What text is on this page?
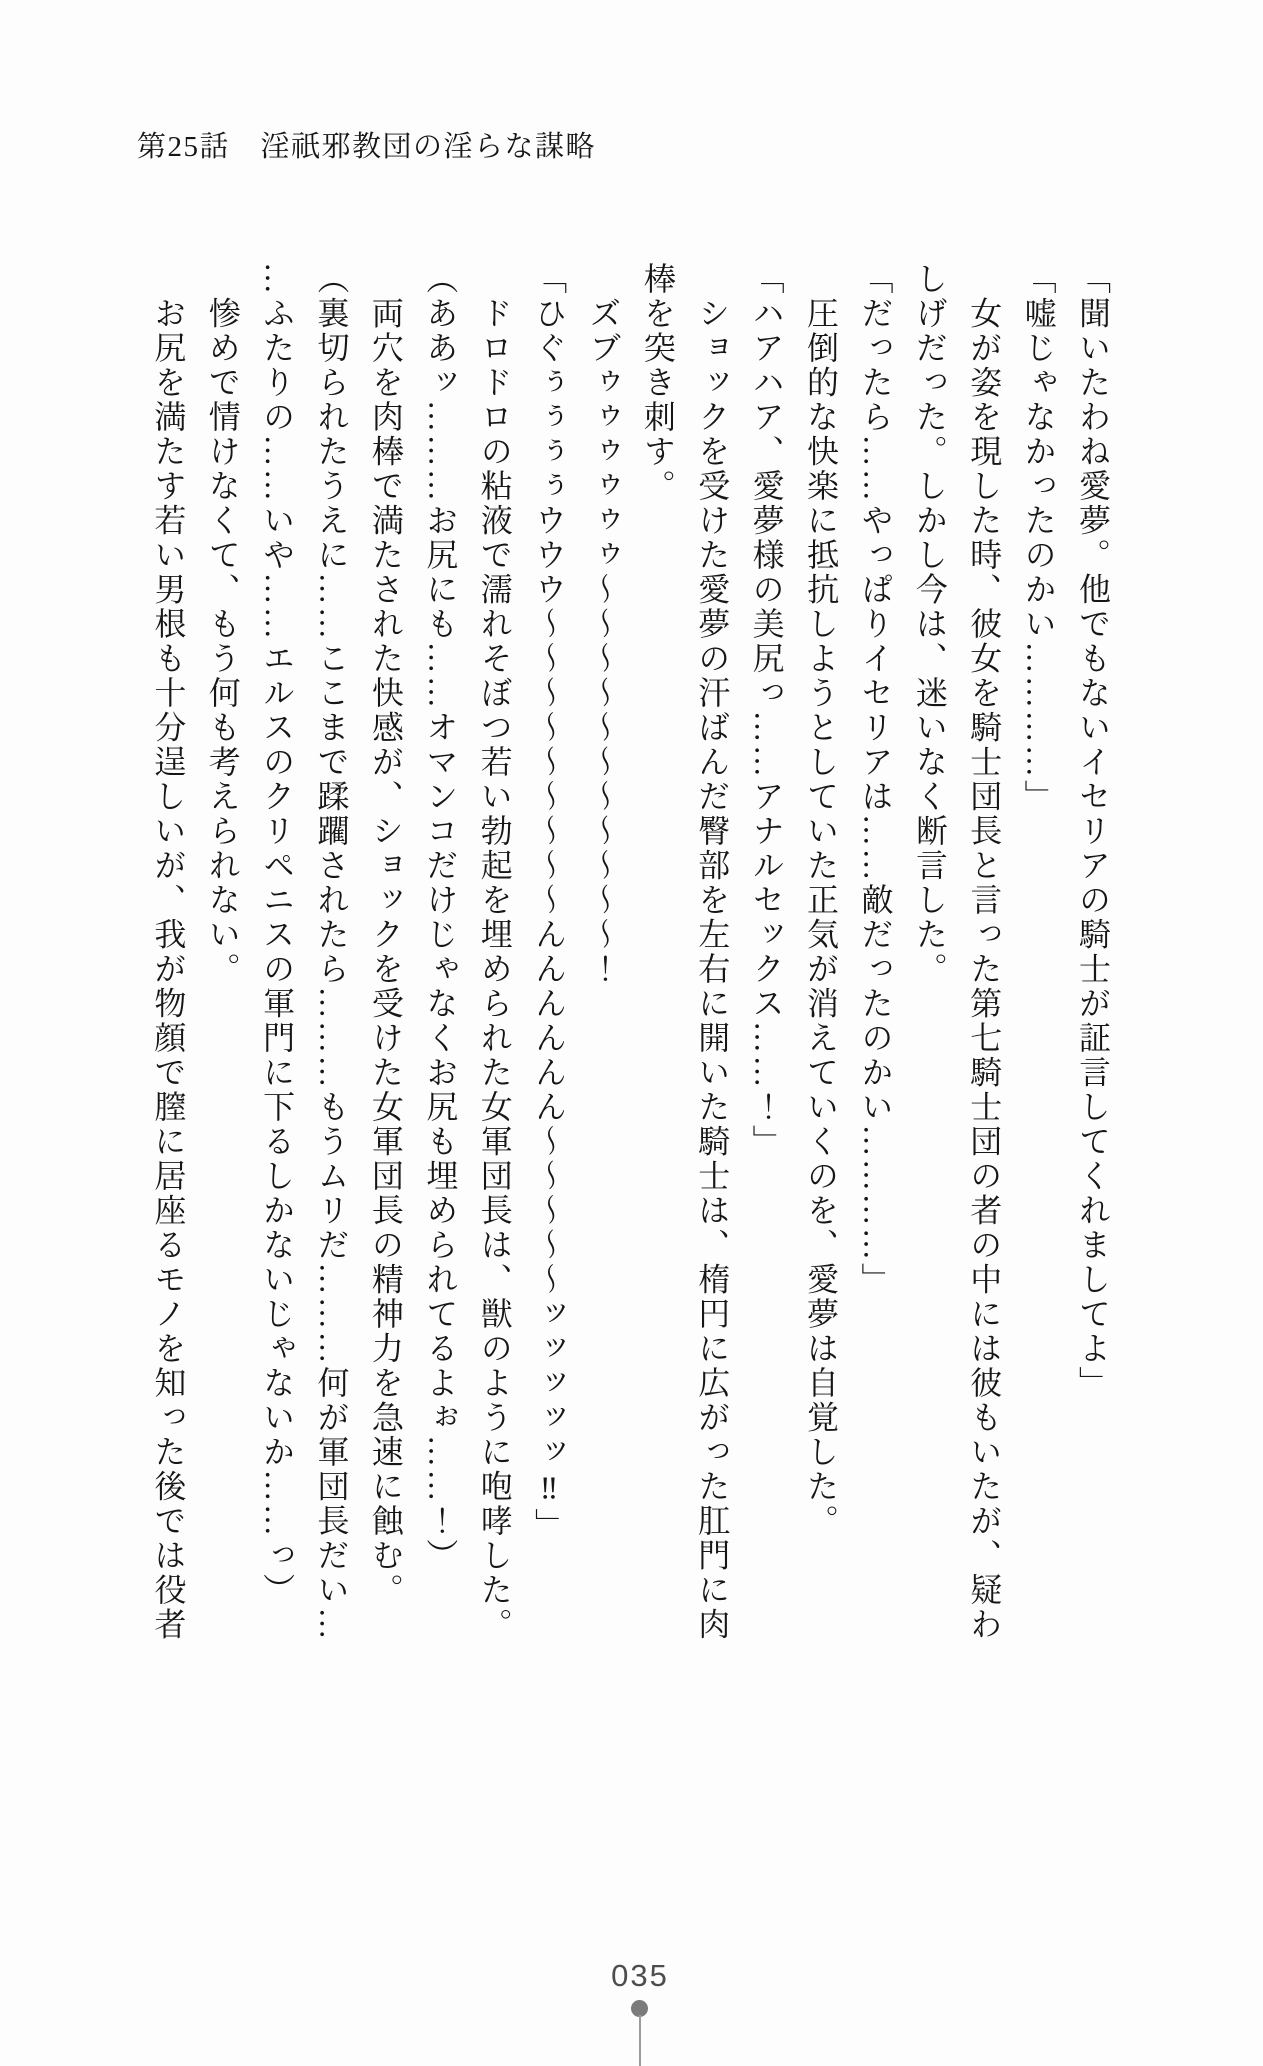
第25話　淫祇邪教団の淫らな謀略
「聞いたわね愛夢。他でもないイセリアの騎士が証言してくれましてよ」
「嘘じゃなかったのかい…………」
　女が姿を現した時、彼女を騎士団長と言った第七騎士団の者の中には彼もいたが、疑わ
しげだった。しかし今は、迷いなく断言した。
「だったら……やっぱりイセリアは……敵だったのかい…………」
　圧倒的な快楽に抵抗しようとしていた正気が消えていくのを、愛夢は自覚した。
「ハアハア、愛夢様の美尻っ……アナルセックス……！」
　ショックを受けた愛夢の汗ばんだ臀部を左右に開いた騎士は、楕円に広がった肛門に肉
棒を突き刺す。
　ズブゥゥゥゥゥゥ〜〜〜〜〜〜〜〜〜〜〜！
「ひぐぅぅぅぅウウウ〜〜〜〜〜〜〜〜〜んんんんんん〜〜〜〜〜ッッッッッ‼」
　ドロドロの粘液で濡れそぼつ若い勃起を埋められた女軍団長は、獣のように咆哮した。
（ああッ………お尻にも……オマンコだけじゃなくお尻も埋められてるよぉ……！）
　両穴を肉棒で満たされた快感が、ショックを受けた女軍団長の精神力を急速に蝕む。
（裏切られたうえに……ここまで蹂躙されたら………もうムリだ………何が軍団長だい…
…ふたりの……いや……エルスのクリペニスの軍門に下るしかないじゃないか……っ）
　惨めで情けなくて、もう何も考えられない。
　お尻を満たす若い男根も十分逞しいが、我が物顔で膣に居座るモノを知った後では役者
035
